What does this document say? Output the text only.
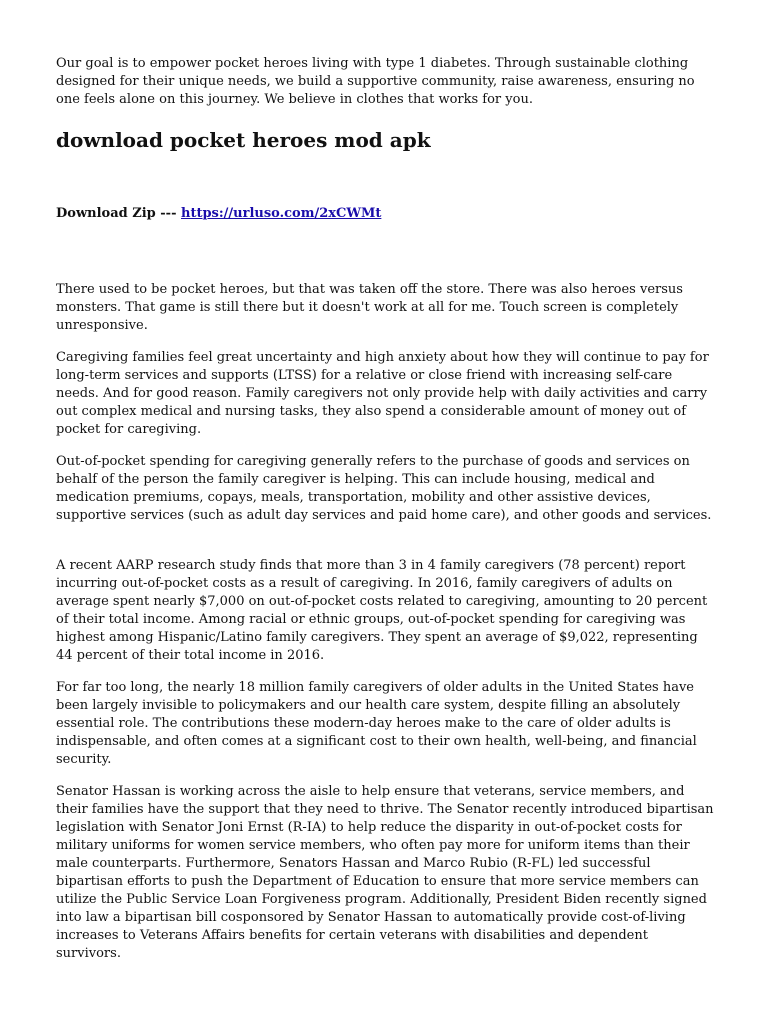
Our goal is to empower pocket heroes living with type 1 diabetes. Through sustainable clothing designed for their unique needs, we build a supportive community, raise awareness, ensuring no one feels alone on this journey. We believe in clothes that works for you.

download pocket heroes mod apk
Download Zip --- https://urluso.com/2xCWMt

There used to be pocket heroes, but that was taken off the store. There was also heroes versus monsters. That game is still there but it doesn't work at all for me. Touch screen is completely unresponsive.

Caregiving families feel great uncertainty and high anxiety about how they will continue to pay for long-term services and supports (LTSS) for a relative or close friend with increasing self-care needs. And for good reason. Family caregivers not only provide help with daily activities and carry out complex medical and nursing tasks, they also spend a considerable amount of money out of pocket for caregiving.

Out-of-pocket spending for caregiving generally refers to the purchase of goods and services on behalf of the person the family caregiver is helping. This can include housing, medical and medication premiums, copays, meals, transportation, mobility and other assistive devices, supportive services (such as adult day services and paid home care), and other goods and services.

A recent AARP research study finds that more than 3 in 4 family caregivers (78 percent) report incurring out-of-pocket costs as a result of caregiving. In 2016, family caregivers of adults on average spent nearly $7,000 on out-of-pocket costs related to caregiving, amounting to 20 percent of their total income. Among racial or ethnic groups, out-of-pocket spending for caregiving was highest among Hispanic/Latino family caregivers. They spent an average of $9,022, representing 44 percent of their total income in 2016.

For far too long, the nearly 18 million family caregivers of older adults in the United States have been largely invisible to policymakers and our health care system, despite filling an absolutely essential role. The contributions these modern-day heroes make to the care of older adults is indispensable, and often comes at a significant cost to their own health, well-being, and financial security.

Senator Hassan is working across the aisle to help ensure that veterans, service members, and their families have the support that they need to thrive. The Senator recently introduced bipartisan legislation with Senator Joni Ernst (R-IA) to help reduce the disparity in out-of-pocket costs for military uniforms for women service members, who often pay more for uniform items than their male counterparts. Furthermore, Senators Hassan and Marco Rubio (R-FL) led successful bipartisan efforts to push the Department of Education to ensure that more service members can utilize the Public Service Loan Forgiveness program. Additionally, President Biden recently signed into law a bipartisan bill cosponsored by Senator Hassan to automatically provide cost-of-living increases to Veterans Affairs benefits for certain veterans with disabilities and dependent survivors.
